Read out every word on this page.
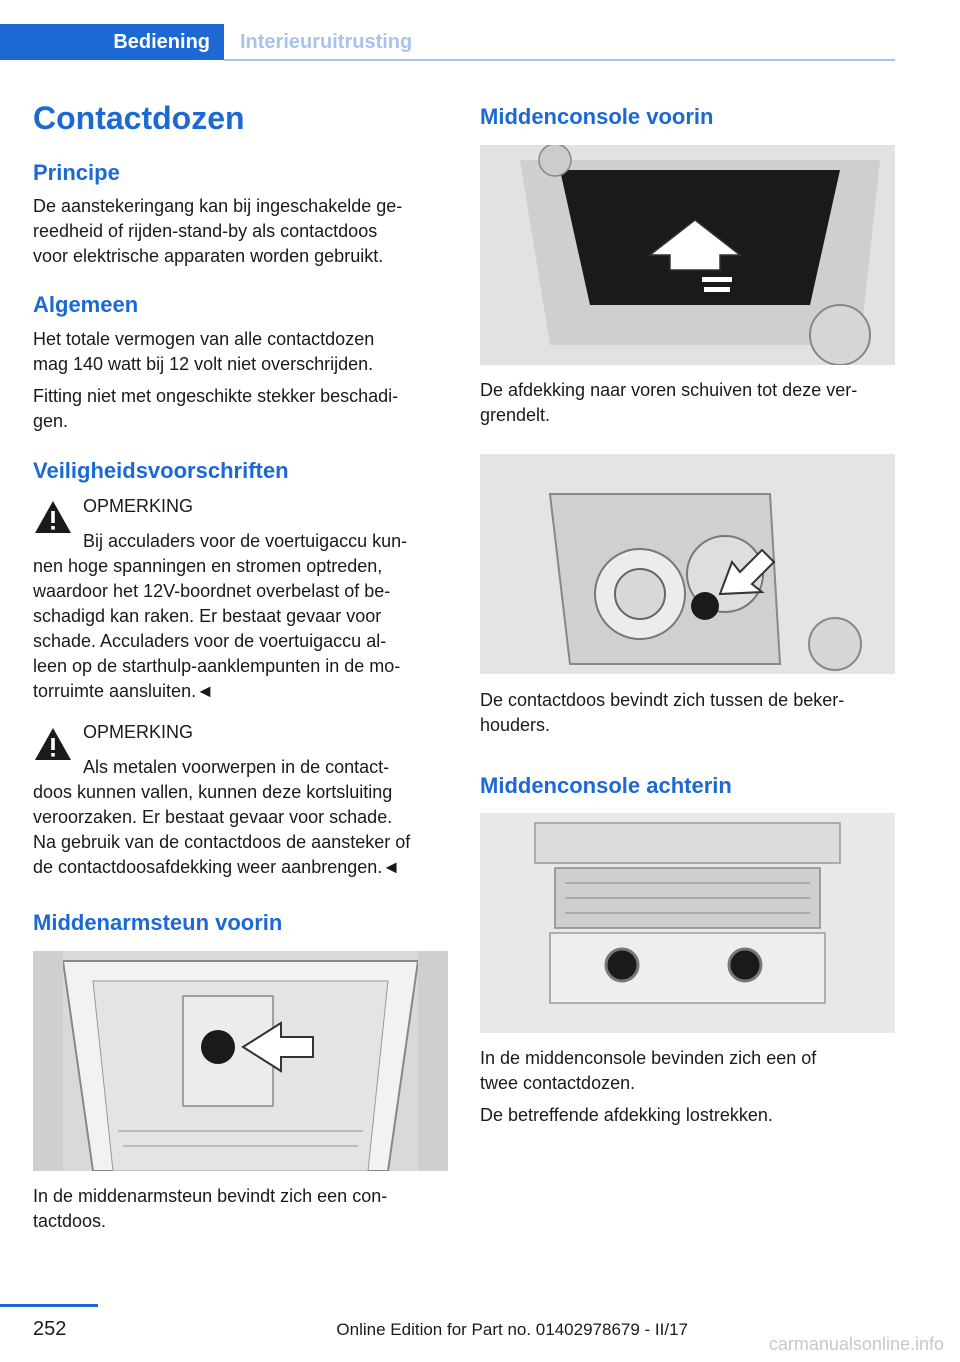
Bediening	Interieuruitrusting
Contactdozen
Principe

De aanstekeringang kan bij ingeschakelde ge-

reedheid of rijden-stand-by als contactdoos

voor elektrische apparaten worden gebruikt.

Algemeen

Het totale vermogen van alle contactdozen

mag 140 watt bij 12 volt niet overschrijden.

Fitting niet met ongeschikte stekker beschadi-

gen.

Veiligheidsvoorschriften
OPMERKING

Bij acculaders voor de voertuigaccu kun-

nen hoge spanningen en stromen optreden,

waardoor het 12V-boordnet overbelast of be-

schadigd kan raken. Er bestaat gevaar voor

schade. Acculaders voor de voertuigaccu al-

leen op de starthulp-aanklempunten in de mo-

torruimte aansluiten.◄

OPMERKING

Als metalen voorwerpen in de contact-

doos kunnen vallen, kunnen deze kortsluiting

veroorzaken. Er bestaat gevaar voor schade.

Na gebruik van de contactdoos de aansteker of

de contactdoosafdekking weer aanbrengen.◄

Middenarmsteun voorin

In de middenarmsteun bevindt zich een con-

tactdoos.

Middenconsole voorin

De afdekking naar voren schuiven tot deze ver-

grendelt.

De contactdoos bevindt zich tussen de beker-

houders.

Middenconsole achterin

In de middenconsole bevinden zich een of

twee contactdozen.

De betreffende afdekking lostrekken.

252	Online Edition for Part no. 01402978679 - II/17
carmanualsonline.info
